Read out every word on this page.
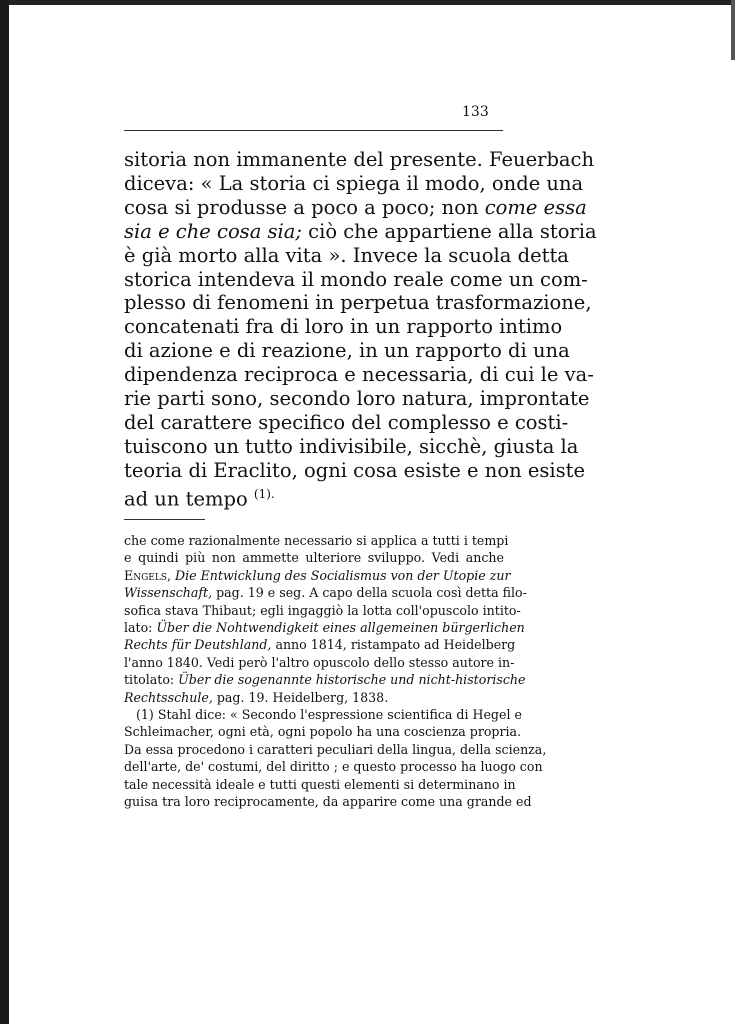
133
sitoria non immanente del presente. Feuerbach
diceva: « La storia ci spiega il modo, onde una
cosa si produsse a poco a poco; non come essa
sia e che cosa sia; ciò che appartiene alla storia
è già morto alla vita ». Invece la scuola detta
storica intendeva il mondo reale come un com-
plesso di fenomeni in perpetua trasformazione,
concatenati fra di loro in un rapporto intimo
di azione e di reazione, in un rapporto di una
dipendenza reciproca e necessaria, di cui le va-
rie parti sono, secondo loro natura, improntate
del carattere specifico del complesso e costi-
tuiscono un tutto indivisibile, sicchè, giusta la
teoria di Eraclito, ogni cosa esiste e non esiste
ad un tempo $^{(1).}$
che come razionalmente necessario si applica a tutti i tempi
e quindi più non ammette ulteriore sviluppo. Vedi anche
Engels, Die Entwicklung des Socialismus von der Utopie zur
Wissenschaft, pag. 19 e seg. A capo della scuola così detta filo-
sofica stava Thibaut; egli ingaggiò la lotta coll'opuscolo intito-
lato: Über die Nohtwendigkeit eines allgemeinen bürgerlichen
Rechts für Deutshland, anno 1814, ristampato ad Heidelberg
l'anno 1840. Vedi però l'altro opuscolo dello stesso autore in-
titolato: Über die sogenannte historische und nicht-historische
Rechtsschule, pag. 19. Heidelberg, 1838.
(1) Stahl dice: « Secondo l'espressione scientifica di Hegel e
Schleimacher, ogni età, ogni popolo ha una coscienza propria.
Da essa procedono i caratteri peculiari della lingua, della scienza,
dell'arte, de' costumi, del diritto ; e questo processo ha luogo con
tale necessità ideale e tutti questi elementi si determinano in
guisa tra loro reciprocamente, da apparire come una grande ed
